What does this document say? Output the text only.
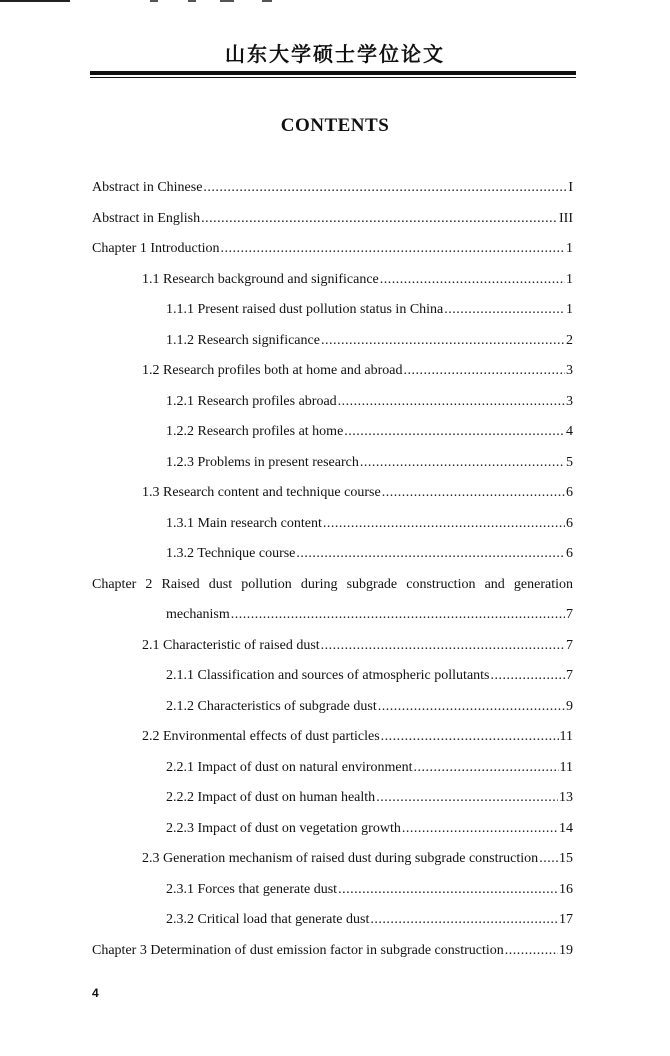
山东大学硕士学位论文
CONTENTS
Abstract in Chinese .....	I
Abstract in English .....	III
Chapter 1 Introduction .....	1
1.1 Research background and significance .....	1
1.1.1 Present raised dust pollution status in China .....	1
1.1.2 Research significance .....	2
1.2 Research profiles both at home and abroad .....	3
1.2.1 Research profiles abroad .....	3
1.2.2 Research profiles at home .....	4
1.2.3 Problems in present research .....	5
1.3 Research content and technique course .....	6
1.3.1 Main research content .....	6
1.3.2 Technique course .....	6
Chapter 2 Raised dust pollution during subgrade construction and generation
mechanism .....	7
2.1 Characteristic of raised dust .....	7
2.1.1 Classification and sources of atmospheric pollutants .....	7
2.1.2 Characteristics of subgrade dust .....	9
2.2 Environmental effects of dust particles .....	11
2.2.1 Impact of dust on natural environment .....	11
2.2.2 Impact of dust on human health .....	13
2.2.3 Impact of dust on vegetation growth .....	14
2.3 Generation mechanism of raised dust during subgrade construction ..... 15
2.3.1 Forces that generate dust .....	16
2.3.2 Critical load that generate dust .....	17
Chapter 3 Determination of dust emission factor in subgrade construction .....	19
4
